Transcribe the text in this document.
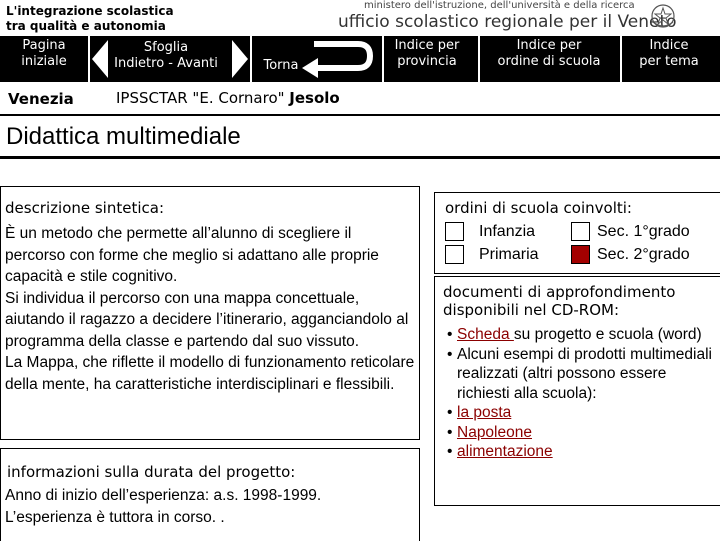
L'integrazione scolastica
tra qualità e autonomia
ministero dell'istruzione, dell'università e della ricerca
ufficio scolastico regionale per il Veneto
Pagina
iniziale
Sfoglia
Indietro - Avanti	Torna
Indice per
provincia
Indice per
ordine di scuola
Indice
per tema
Venezia	IPSSCTAR "E. Cornaro" Jesolo
Didattica multimediale
descrizione sintetica:
È un metodo che permette all’alunno di scegliere il percorso con forme che meglio si adattano alle proprie capacità e stile cognitivo.
Si individua il percorso con una mappa concettuale, aiutando il ragazzo a decidere l’itinerario, agganciandolo al programma della classe e partendo dal suo vissuto.
La Mappa, che riflette il modello di funzionamento reticolare della mente, ha caratteristiche interdisciplinari e flessibili.
informazioni sulla durata del progetto:
Anno di inizio dell’esperienza: a.s. 1998-1999.
L’esperienza è tuttora in corso. .
ordini di scuola coinvolti:
Infanzia	Sec. 1°grado
Primaria	Sec. 2°grado
documenti di approfondimento disponibili nel CD-ROM:
• Scheda su progetto e scuola (word)
• Alcuni esempi di prodotti multimediali realizzati (altri possono essere richiesti alla scuola):
• la posta
• Napoleone
• alimentazione
